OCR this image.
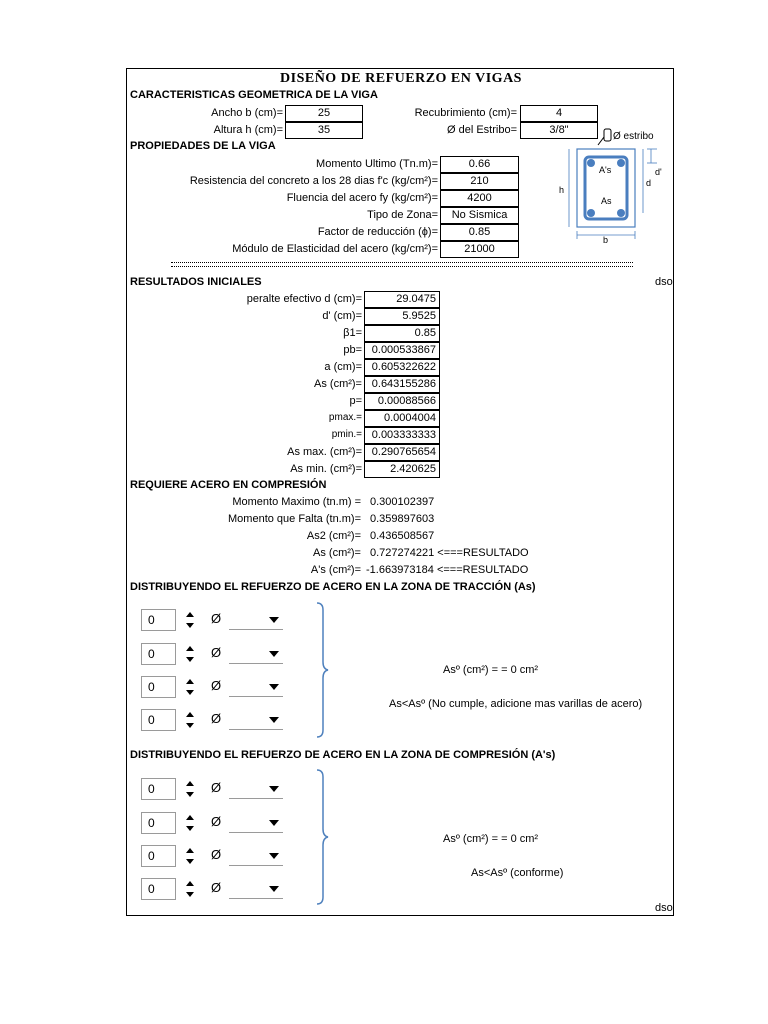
DISEÑO DE REFUERZO EN VIGAS
CARACTERISTICAS GEOMETRICA DE LA VIGA
Ancho b (cm)=	25
Altura h (cm)=	35
Recubrimiento (cm)=	4
Ø del Estribo=	3/8"
PROPIEDADES DE LA VIGA
Momento Ultimo (Tn.m)=	0.66
Resistencia del concreto a los 28 dias f'c (kg/cm²)=	210
Fluencia del acero fy (kg/cm²)=	4200
Tipo de Zona=	No Sismica
Factor de reducción (ϕ)=	0.85
Módulo de Elasticidad del acero (kg/cm²)=	21000
Ø estribo
A's
As
h
d
d'
b
RESULTADOS INICIALES	dso
peralte efectivo d (cm)=	29.0475
d' (cm)=	5.9525
β1=	0.85
pb= 0.000533867
a (cm)= 0.605322622
As (cm²)= 0.643155286
p=	0.00088566
pmax.=	0.0004004
pmin.= 0.003333333
As max. (cm²)= 0.290765654
As min. (cm²)=	2.420625
REQUIERE ACERO EN COMPRESIÓN
Momento Maximo (tn.m) = 0.300102397
Momento que Falta (tn.m)= 0.359897603
As2 (cm²)= 0.436508567
As (cm²)= 0.727274221 <===RESULTADO
A's (cm²)= -1.663973184 <===RESULTADO
DISTRIBUYENDO EL REFUERZO DE ACERO EN LA ZONA DE TRACCIÓN (As)
0	Ø
0	Ø
0	Ø
0	Ø
Asº (cm²) = = 0 cm²
As<Asº (No cumple, adicione mas varillas de acero)
DISTRIBUYENDO EL REFUERZO DE ACERO EN LA ZONA DE COMPRESIÓN (A's)
0	Ø
0	Ø
0	Ø
0	Ø
Asº (cm²) = = 0 cm²
As<Asº (conforme)
dso
